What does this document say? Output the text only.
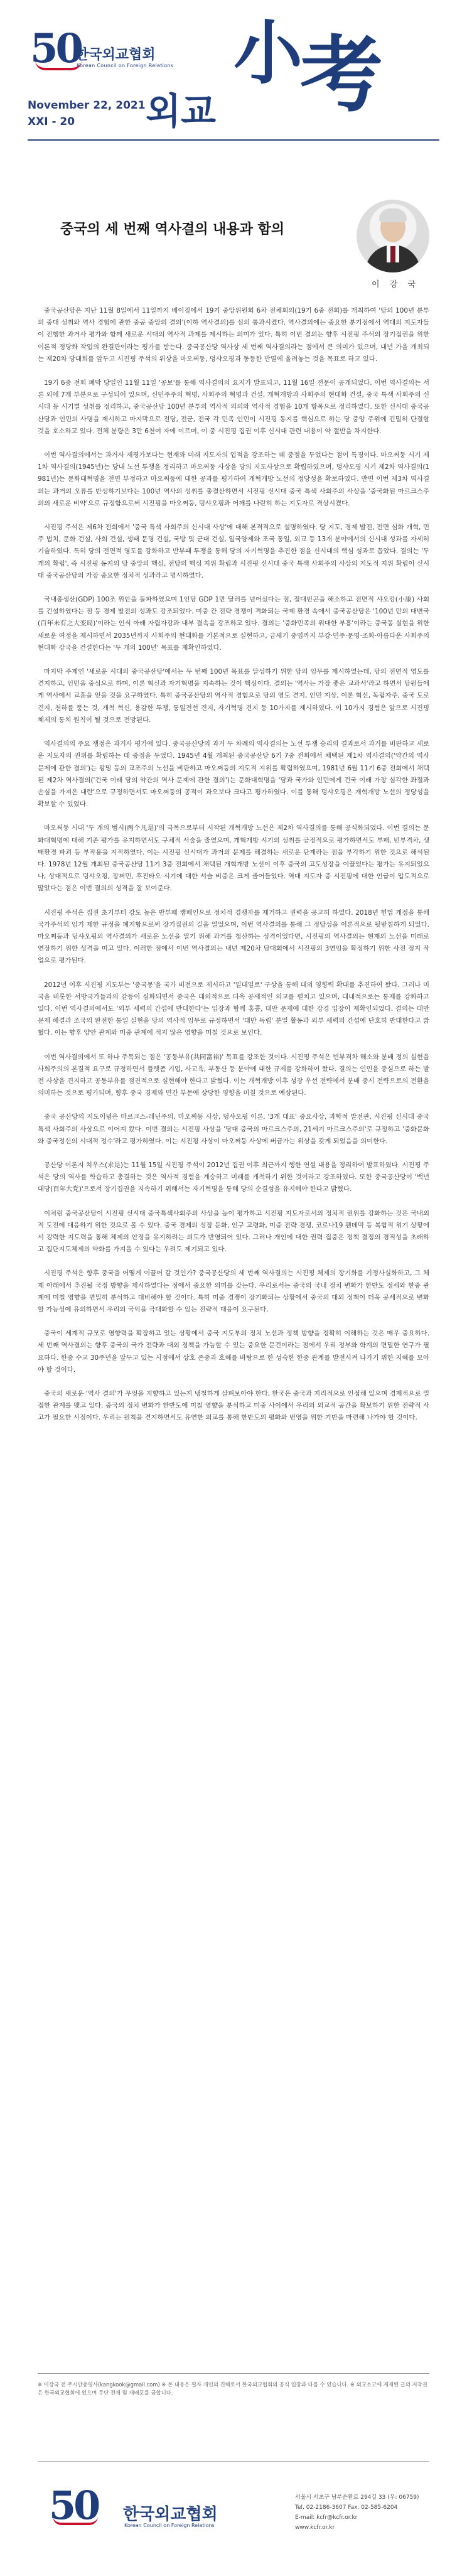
50
한국외교협회
Korean Council on Foreign Relations
November 22, 2021
XXI - 20 외교
小
考
중국의 세 번째 역사결의 내용과 함의
이 강 국

중국공산당은 지난 11월 8일에서 11일까지 베이징에서 19기 중앙위원회 6차 전체회의(19기 6중 전회)를 개최하여 '당의 100년 분투의 중대 성취와 역사 경험에 관한 중공 중앙의 결의'(이하 역사결의)를 심의 통과시켰다. 역사결의에는 중요한 분기점에서 역대의 지도자들이 진행한 과거사 평가와 함께 새로운 시대의 역사적 과제를 제시하는 의미가 있다. 특히 이번 결의는 향후 시진핑 주석의 장기집권을 위한 이론적 정당화 작업의 완결판이라는 평가를 받는다. 중국공산당 역사상 세 번째 역사결의라는 점에서 큰 의미가 있으며, 내년 가을 개최되는 제20차 당대회를 앞두고 시진핑 주석의 위상을 마오쩌둥, 덩샤오핑과 동등한 반열에 올려놓는 것을 목표로 하고 있다.

19기 6중 전회 폐막 당일인 11월 11일 '공보'를 통해 역사결의의 요지가 발표되고, 11월 16일 전문이 공개되었다. 이번 역사결의는 서론 외에 7개 부분으로 구성되어 있으며, 신민주주의 혁명, 사회주의 혁명과 건설, 개혁개방과 사회주의 현대화 건설, 중국 특색 사회주의 신시대 등 시기별 성취를 정리하고, 중국공산당 100년 분투의 역사적 의의와 역사적 경험을 10개 항목으로 정리하였다. 또한 신시대 중국공산당과 인민의 사명을 제시하고 마지막으로 전당, 전군, 전국 각 민족 인민이 시진핑 동지를 핵심으로 하는 당 중앙 주위에 긴밀히 단결할 것을 호소하고 있다. 전체 분량은 3만 6천여 자에 이르며, 이 중 시진핑 집권 이후 신시대 관련 내용이 약 절반을 차지한다.

이번 역사결의에서는 과거사 재평가보다는 현재와 미래 지도자의 업적을 강조하는 데 중점을 두었다는 점이 특징이다. 마오쩌둥 시기 제1차 역사결의(1945년)는 당내 노선 투쟁을 정리하고 마오쩌둥 사상을 당의 지도사상으로 확립하였으며, 덩샤오핑 시기 제2차 역사결의(1981년)는 문화대혁명을 전면 부정하고 마오쩌둥에 대한 공과를 평가하여 개혁개방 노선의 정당성을 확보하였다. 반면 이번 제3차 역사결의는 과거의 오류를 반성하기보다는 100년 역사의 성취를 총결산하면서 시진핑 신시대 중국 특색 사회주의 사상을 '중국화된 마르크스주의의 새로운 비약'으로 규정함으로써 시진핑을 마오쩌둥, 덩샤오핑과 어깨를 나란히 하는 지도자로 격상시켰다.

시진핑 주석은 제6차 전회에서 '중국 특색 사회주의 신시대 사상'에 대해 본격적으로 설명하였다. 당 지도, 경제 발전, 전면 심화 개혁, 민주 법치, 문화 건설, 사회 건설, 생태 문명 건설, 국방 및 군대 건설, 일국양제와 조국 통일, 외교 등 13개 분야에서의 신시대 성과를 자세히 기술하였다. 특히 당의 전면적 영도를 강화하고 반부패 투쟁을 통해 당의 자기혁명을 추진한 점을 신시대의 핵심 성과로 꼽았다. 결의는 '두 개의 확립', 즉 시진핑 동지의 당 중앙의 핵심, 전당의 핵심 지위 확립과 시진핑 신시대 중국 특색 사회주의 사상의 지도적 지위 확립이 신시대 중국공산당의 가장 중요한 정치적 성과라고 명시하였다.

국내총생산(GDP) 100조 위안을 돌파하였으며 1인당 GDP 1만 달러를 넘어섰다는 점, 절대빈곤을 해소하고 전면적 샤오캉(小康) 사회를 건설하였다는 점 등 경제 발전의 성과도 강조되었다. 미중 간 전략 경쟁이 격화되는 국제 환경 속에서 중국공산당은 '100년 만의 대변국(百年未有之大变局)'이라는 인식 아래 자립자강과 내부 결속을 강조하고 있다. 결의는 '중화민족의 위대한 부흥'이라는 중국몽 실현을 위한 새로운 여정을 제시하면서 2035년까지 사회주의 현대화를 기본적으로 실현하고, 금세기 중엽까지 부강·민주·문명·조화·아름다운 사회주의 현대화 강국을 건설한다는 '두 개의 100년' 목표를 재확인하였다.

마지막 주제인 '새로운 시대의 중국공산당'에서는 두 번째 100년 목표를 달성하기 위한 당의 임무를 제시하였는데, 당의 전면적 영도를 견지하고, 인민을 중심으로 하며, 이론 혁신과 자기혁명을 지속하는 것이 핵심이다. 결의는 '역사는 가장 좋은 교과서'라고 하면서 당원들에게 역사에서 교훈을 얻을 것을 요구하였다. 특히 중국공산당의 역사적 경험으로 당의 영도 견지, 인민 지상, 이론 혁신, 독립자주, 중국 도로 견지, 천하를 품는 것, 개척 혁신, 용감한 투쟁, 통일전선 견지, 자기혁명 견지 등 10가지를 제시하였다. 이 10가지 경험은 앞으로 시진핑 체제의 통치 원칙이 될 것으로 전망된다.

역사결의의 주요 쟁점은 과거사 평가에 있다. 중국공산당의 과거 두 차례의 역사결의는 노선 투쟁 승리의 결과로서 과거를 비판하고 새로운 지도자의 권위를 확립하는 데 중점을 두었다. 1945년 4월 개최된 중국공산당 6기 7중 전회에서 채택된 제1차 역사결의('약간의 역사 문제에 관한 결의')는 왕밍 등의 교조주의 노선을 비판하고 마오쩌둥의 지도적 지위를 확립하였으며, 1981년 6월 11기 6중 전회에서 채택된 제2차 역사결의('건국 이래 당의 약간의 역사 문제에 관한 결의')는 문화대혁명을 '당과 국가와 인민에게 건국 이래 가장 심각한 좌절과 손실을 가져온 내란'으로 규정하면서도 마오쩌둥의 공적이 과오보다 크다고 평가하였다. 이를 통해 덩샤오핑은 개혁개방 노선의 정당성을 확보할 수 있었다.

마오쩌둥 시대 '두 개의 범시(两个凡是)'의 극복으로부터 시작된 개혁개방 노선은 제2차 역사결의를 통해 공식화되었다. 이번 결의는 문화대혁명에 대해 기존 평가를 유지하면서도 구체적 서술을 줄였으며, 개혁개방 시기의 성취를 긍정적으로 평가하면서도 부패, 빈부격차, 생태환경 파괴 등 부작용을 지적하였다. 이는 시진핑 신시대가 과거의 문제를 해결하는 새로운 단계라는 점을 부각하기 위한 것으로 해석된다. 1978년 12월 개최된 중국공산당 11기 3중 전회에서 채택된 개혁개방 노선이 이후 중국의 고도성장을 이끌었다는 평가는 유지되었으나, 상대적으로 덩샤오핑, 장쩌민, 후진타오 시기에 대한 서술 비중은 크게 줄어들었다. 역대 지도자 중 시진핑에 대한 언급이 압도적으로 많았다는 점은 이번 결의의 성격을 잘 보여준다.

시진핑 주석은 집권 초기부터 강도 높은 반부패 캠페인으로 정치적 경쟁자를 제거하고 권력을 공고히 하였다. 2018년 헌법 개정을 통해 국가주석의 임기 제한 규정을 폐지함으로써 장기집권의 길을 열었으며, 이번 역사결의를 통해 그 정당성을 이론적으로 뒷받침하게 되었다. 마오쩌둥과 덩샤오핑의 역사결의가 새로운 노선을 열기 위해 과거를 청산하는 성격이었다면, 시진핑의 역사결의는 현재의 노선을 미래로 연장하기 위한 성격을 띠고 있다. 이러한 점에서 이번 역사결의는 내년 제20차 당대회에서 시진핑의 3연임을 확정하기 위한 사전 정지 작업으로 평가된다.

2012년 이후 시진핑 지도부는 '중국몽'을 국가 비전으로 제시하고 '일대일로' 구상을 통해 대외 영향력 확대를 추진하여 왔다. 그러나 미국을 비롯한 서방국가들과의 갈등이 심화되면서 중국은 대외적으로 더욱 공세적인 외교를 펼치고 있으며, 대내적으로는 통제를 강화하고 있다. 이번 역사결의에서도 '외부 세력의 간섭에 반대한다'는 입장과 함께 홍콩, 대만 문제에 대한 강경 입장이 재확인되었다. 결의는 대만 문제 해결과 조국의 완전한 통일 실현을 당의 역사적 임무로 규정하면서 '대만 독립' 분열 활동과 외부 세력의 간섭에 단호히 반대한다고 밝혔다. 이는 향후 양안 관계와 미중 관계에 적지 않은 영향을 미칠 것으로 보인다.

이번 역사결의에서 또 하나 주목되는 점은 '공동부유(共同富裕)' 목표를 강조한 것이다. 시진핑 주석은 빈부격차 해소와 분배 정의 실현을 사회주의의 본질적 요구로 규정하면서 플랫폼 기업, 사교육, 부동산 등 분야에 대한 규제를 강화하여 왔다. 결의는 인민을 중심으로 하는 발전 사상을 견지하고 공동부유를 점진적으로 실현해야 한다고 밝혔다. 이는 개혁개방 이후 성장 우선 전략에서 분배 중시 전략으로의 전환을 의미하는 것으로 평가되며, 향후 중국 경제와 민간 부문에 상당한 영향을 미칠 것으로 예상된다.

중국 공산당의 지도이념은 마르크스-레닌주의, 마오쩌둥 사상, 덩샤오핑 이론, '3개 대표' 중요사상, 과학적 발전관, 시진핑 신시대 중국 특색 사회주의 사상으로 이어져 왔다. 이번 결의는 시진핑 사상을 '당대 중국의 마르크스주의, 21세기 마르크스주의'로 규정하고 '중화문화와 중국정신의 시대적 정수'라고 평가하였다. 이는 시진핑 사상이 마오쩌둥 사상에 버금가는 위상을 갖게 되었음을 의미한다.

공산당 이론지 치우스(求是)는 11월 15일 시진핑 주석이 2012년 집권 이후 최근까지 행한 연설 내용을 정리하여 발표하였다. 시진핑 주석은 당의 역사를 학습하고 총결하는 것은 역사적 경험을 계승하고 미래를 개척하기 위한 것이라고 강조하였다. 또한 중국공산당이 '백년 대당(百年大党)'으로서 장기집권을 지속하기 위해서는 자기혁명을 통해 당의 순결성을 유지해야 한다고 밝혔다.

이처럼 중국공산당이 시진핑 신시대 중국특색사회주의 사상을 높이 평가하고 시진핑 지도자로서의 정치적 권위를 강화하는 것은 국내외적 도전에 대응하기 위한 것으로 볼 수 있다. 중국 경제의 성장 둔화, 인구 고령화, 미중 전략 경쟁, 코로나19 팬데믹 등 복합적 위기 상황에서 강력한 지도력을 통해 체제의 안정을 유지하려는 의도가 반영되어 있다. 그러나 개인에 대한 권력 집중은 정책 결정의 경직성을 초래하고 집단지도체제의 약화를 가져올 수 있다는 우려도 제기되고 있다.

시진핑 주석은 향후 중국을 어떻게 이끌어 갈 것인가? 중국공산당의 세 번째 역사결의는 시진핑 체제의 장기화를 기정사실화하고, 그 체제 아래에서 추진될 국정 방향을 제시하였다는 점에서 중요한 의미를 갖는다. 우리로서는 중국의 국내 정치 변화가 한반도 정세와 한중 관계에 미칠 영향을 면밀히 분석하고 대비해야 할 것이다. 특히 미중 경쟁이 장기화되는 상황에서 중국의 대외 정책이 더욱 공세적으로 변화할 가능성에 유의하면서 우리의 국익을 극대화할 수 있는 전략적 대응이 요구된다.

중국이 세계적 규모로 영향력을 확장하고 있는 상황에서 중국 지도부의 정치 노선과 정책 방향을 정확히 이해하는 것은 매우 중요하다. 세 번째 역사결의는 향후 중국의 국가 전략과 대외 정책을 가늠할 수 있는 중요한 문건이라는 점에서 우리 정부와 학계의 면밀한 연구가 필요하다. 한중 수교 30주년을 앞두고 있는 시점에서 상호 존중과 호혜를 바탕으로 한 성숙한 한중 관계를 발전시켜 나가기 위한 지혜를 모아야 할 것이다.

중국의 새로운 '역사 결의'가 무엇을 지향하고 있는지 냉철하게 살펴보아야 한다. 한국은 중국과 지리적으로 인접해 있으며 경제적으로 밀접한 관계를 맺고 있다. 중국의 정치 변화가 한반도에 미칠 영향을 분석하고 미중 사이에서 우리의 외교적 공간을 확보하기 위한 전략적 사고가 필요한 시점이다. 우리는 원칙을 견지하면서도 유연한 외교를 통해 한반도의 평화와 번영을 위한 기반을 마련해 나가야 할 것이다.

※ 이강국 전 주시안총영사(kangkook@gmail.com) ※ 본 내용은 필자 개인의 견해로서 한국외교협회의 공식 입장과 다를 수 있습니다. ※ 외교소고에 게재된 글의 저작권은 한국외교협회에 있으며 무단 전재 및 재배포를 금합니다.
50 한국외교협회
Korean Council on Foreign Relations
서울시 서초구 남부순환로 294길 33 (우: 06759)
Tel. 02-2186-3607 Fax. 02-585-6204
E-mail: kcfr@kcfr.or.kr
www.kcfr.or.kr
